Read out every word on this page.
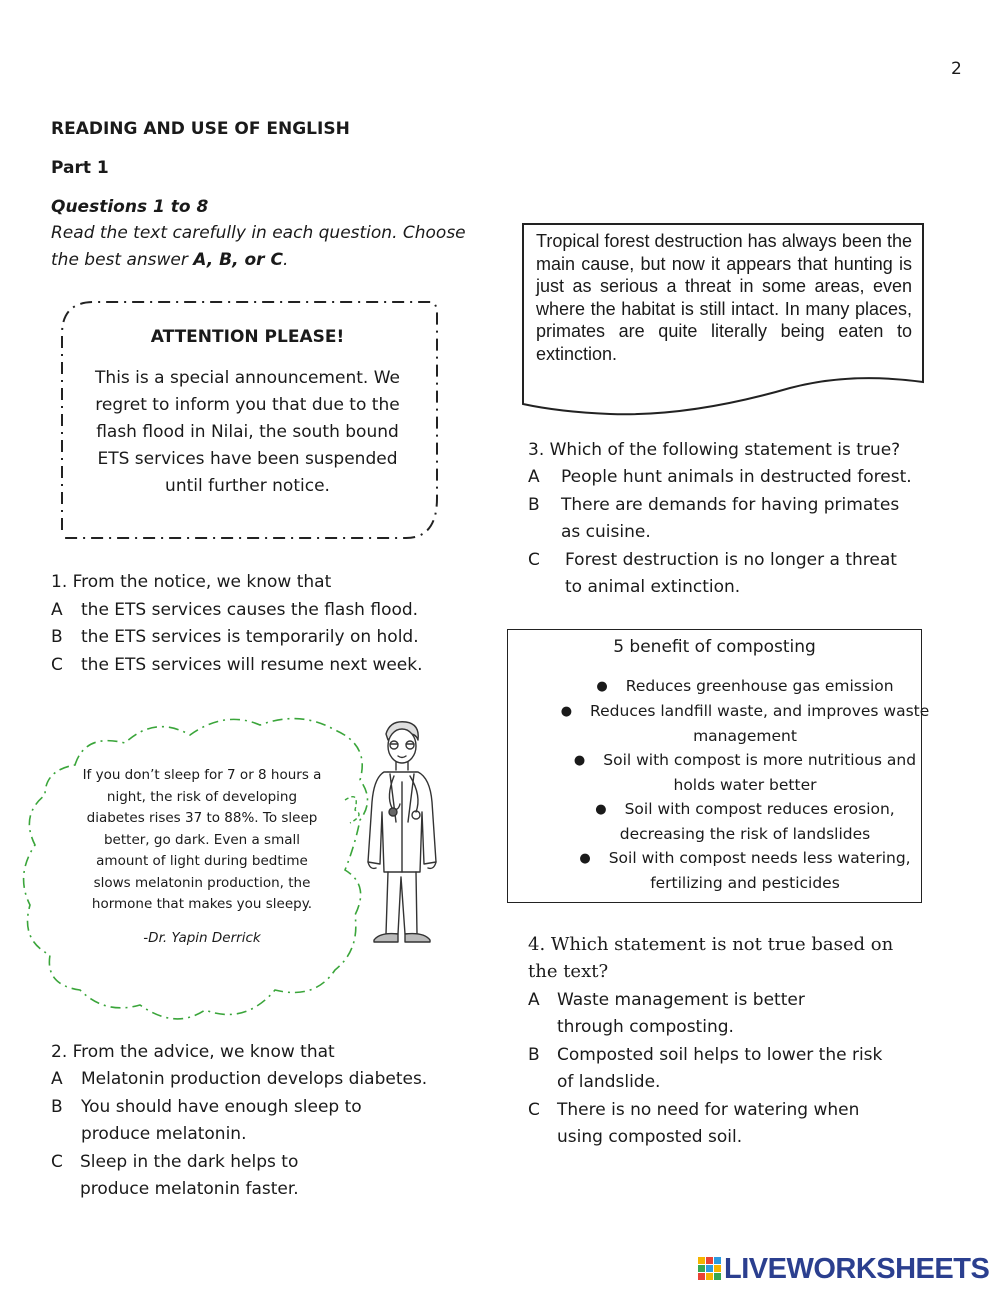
2
READING AND USE OF ENGLISH
Part 1
Questions 1 to 8
Read the text carefully in each question. Choose the best answer A, B, or C.
ATTENTION PLEASE!
This is a special announcement. We regret to inform you that due to the flash flood in Nilai, the south bound ETS services have been suspended until further notice.
1. From the notice, we know that
A the ETS services causes the flash flood.
B the ETS services is temporarily on hold.
C the ETS services will resume next week.
If you don’t sleep for 7 or 8 hours a night, the risk of developing diabetes rises 37 to 88%. To sleep better, go dark. Even a small amount of light during bedtime slows melatonin production, the hormone that makes you sleepy.
-Dr. Yapin Derrick
2. From the advice, we know that
A Melatonin production develops diabetes.
B You should have enough sleep to produce melatonin.
C Sleep in the dark helps to produce melatonin faster.
Tropical forest destruction has always been the main cause, but now it appears that hunting is just as serious a threat in some areas, even where the habitat is still intact. In many places, primates are quite literally being eaten to extinction.
3. Which of the following statement is true?
A People hunt animals in destructed forest.
B There are demands for having primates as cuisine.
C Forest destruction is no longer a threat to animal extinction.
5 benefit of composting
● Reduces greenhouse gas emission
● Reduces landfill waste, and improves waste management
● Soil with compost is more nutritious and holds water better
● Soil with compost reduces erosion, decreasing the risk of landslides
● Soil with compost needs less watering, fertilizing and pesticides
4. Which statement is not true based on the text?
A Waste management is better through composting.
B Composted soil helps to lower the risk of landslide.
C There is no need for watering when using composted soil.
LIVEWORKSHEETS
